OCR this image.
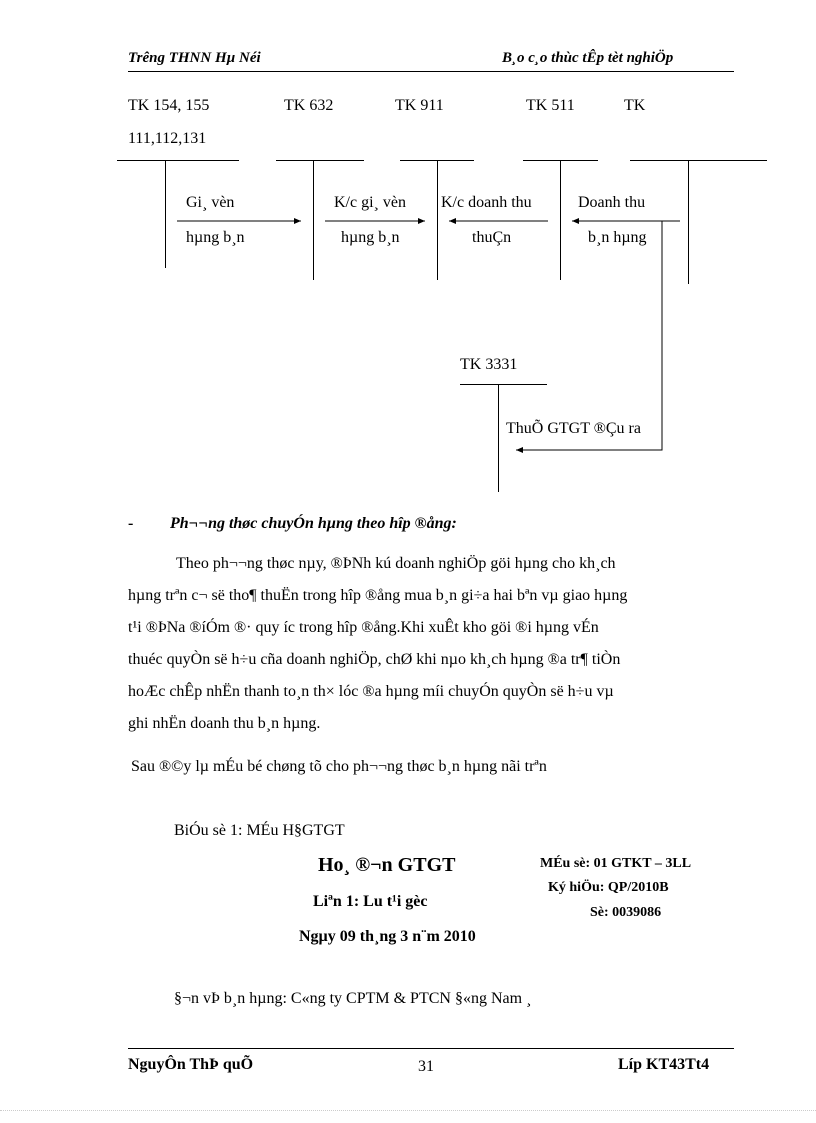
Trêng THNN Hµ Néi	B¸o c¸o thùc tÊp tèt nghiÖp
TK 154, 155
111,112,131
TK 632	TK 911	TK 511	TK
TK 3331
Gi¸ vèn
hµng b¸n
K/c gi¸ vèn
hµng b¸n
K/c doanh thu
thuÇn
Doanh thu
b¸n hµng
ThuÕ GTGT ®Çu ra
- Ph¬¬ng thøc chuyÓn hµng theo hîp ®ång:
Theo ph¬¬ng thøc nµy, ®ÞNh kú doanh nghiÖp göi hµng cho kh¸ch
hµng trªn c¬ së tho¶ thuËn trong hîp ®ång mua b¸n gi÷a hai bªn vµ giao hµng
t¹i ®ÞNa ®íÓm ®· quy íc trong hîp ®ång.Khi xuÊt kho göi ®i hµng vÉn
thuéc quyÒn së h÷u cña doanh nghiÖp, chØ khi nµo kh¸ch hµng ®a tr¶ tiÒn
hoÆc chÊp nhËn thanh to¸n th× lóc ®a hµng míi chuyÓn quyÒn së h÷u vµ
ghi nhËn doanh thu b¸n hµng.
Sau ®©y lµ mÉu bé chøng tõ cho ph¬¬ng thøc b¸n hµng nãi trªn
BiÓu sè 1: MÉu H§GTGT
Ho¸ ®¬n GTGT
Liªn 1: Lu t¹i gèc
Ngµy 09 th¸ng 3 n¨m 2010
MÉu sè: 01 GTKT – 3LL
Ký hiÖu: QP/2010B
Sè: 0039086
§¬n vÞ b¸n hµng: C«ng ty CPTM & PTCN §«ng Nam ¸
NguyÔn ThÞ quÕ	31	Líp KT43Tt4
